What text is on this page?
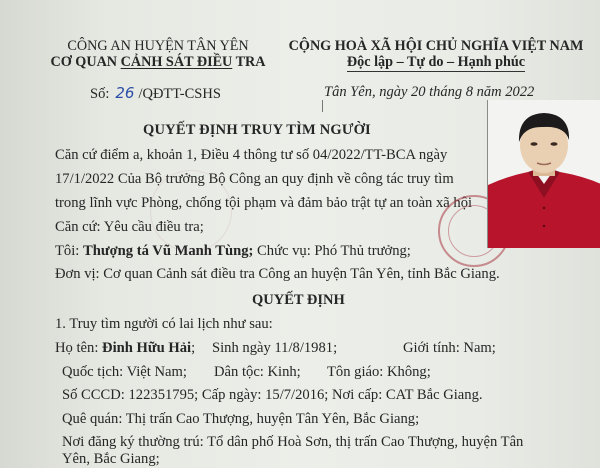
CÔNG AN HUYỆN TÂN YÊN
CƠ QUAN CẢNH SÁT ĐIỀU TRA
Số: 26 /QĐTT-CSHS
CỘNG HOÀ XÃ HỘI CHỦ NGHĨA VIỆT NAM
Độc lập – Tự do – Hạnh phúc
Tân Yên, ngày 20 tháng 8 năm 2022
QUYẾT ĐỊNH TRUY TÌM NGƯỜI
Căn cứ điểm a, khoản 1, Điều 4 thông tư số 04/2022/TT-BCA ngày
17/1/2022 Của Bộ trưởng Bộ Công an quy định về công tác truy tìm
trong lĩnh vực Phòng, chống tội phạm và đảm bảo trật tự an toàn xã hội
Căn cứ: Yêu cầu điều tra;
Tôi: Thượng tá Vũ Manh Tùng; Chức vụ: Phó Thủ trưởng;
Đơn vị: Cơ quan Cảnh sát điều tra Công an huyện Tân Yên, tỉnh Bắc Giang.
QUYẾT ĐỊNH
1. Truy tìm người có lai lịch như sau:
Họ tên: Đinh Hữu Hải; Sinh ngày 11/8/1981;	Giới tính: Nam;
Quốc tịch: Việt Nam; Dân tộc: Kinh; Tôn giáo: Không;
Số CCCD: 122351795; Cấp ngày: 15/7/2016; Nơi cấp: CAT Bắc Giang.
Quê quán: Thị trấn Cao Thượng, huyện Tân Yên, Bắc Giang;
Nơi đăng ký thường trú: Tổ dân phố Hoà Sơn, thị trấn Cao Thượng, huyện Tân
Yên, Bắc Giang;
